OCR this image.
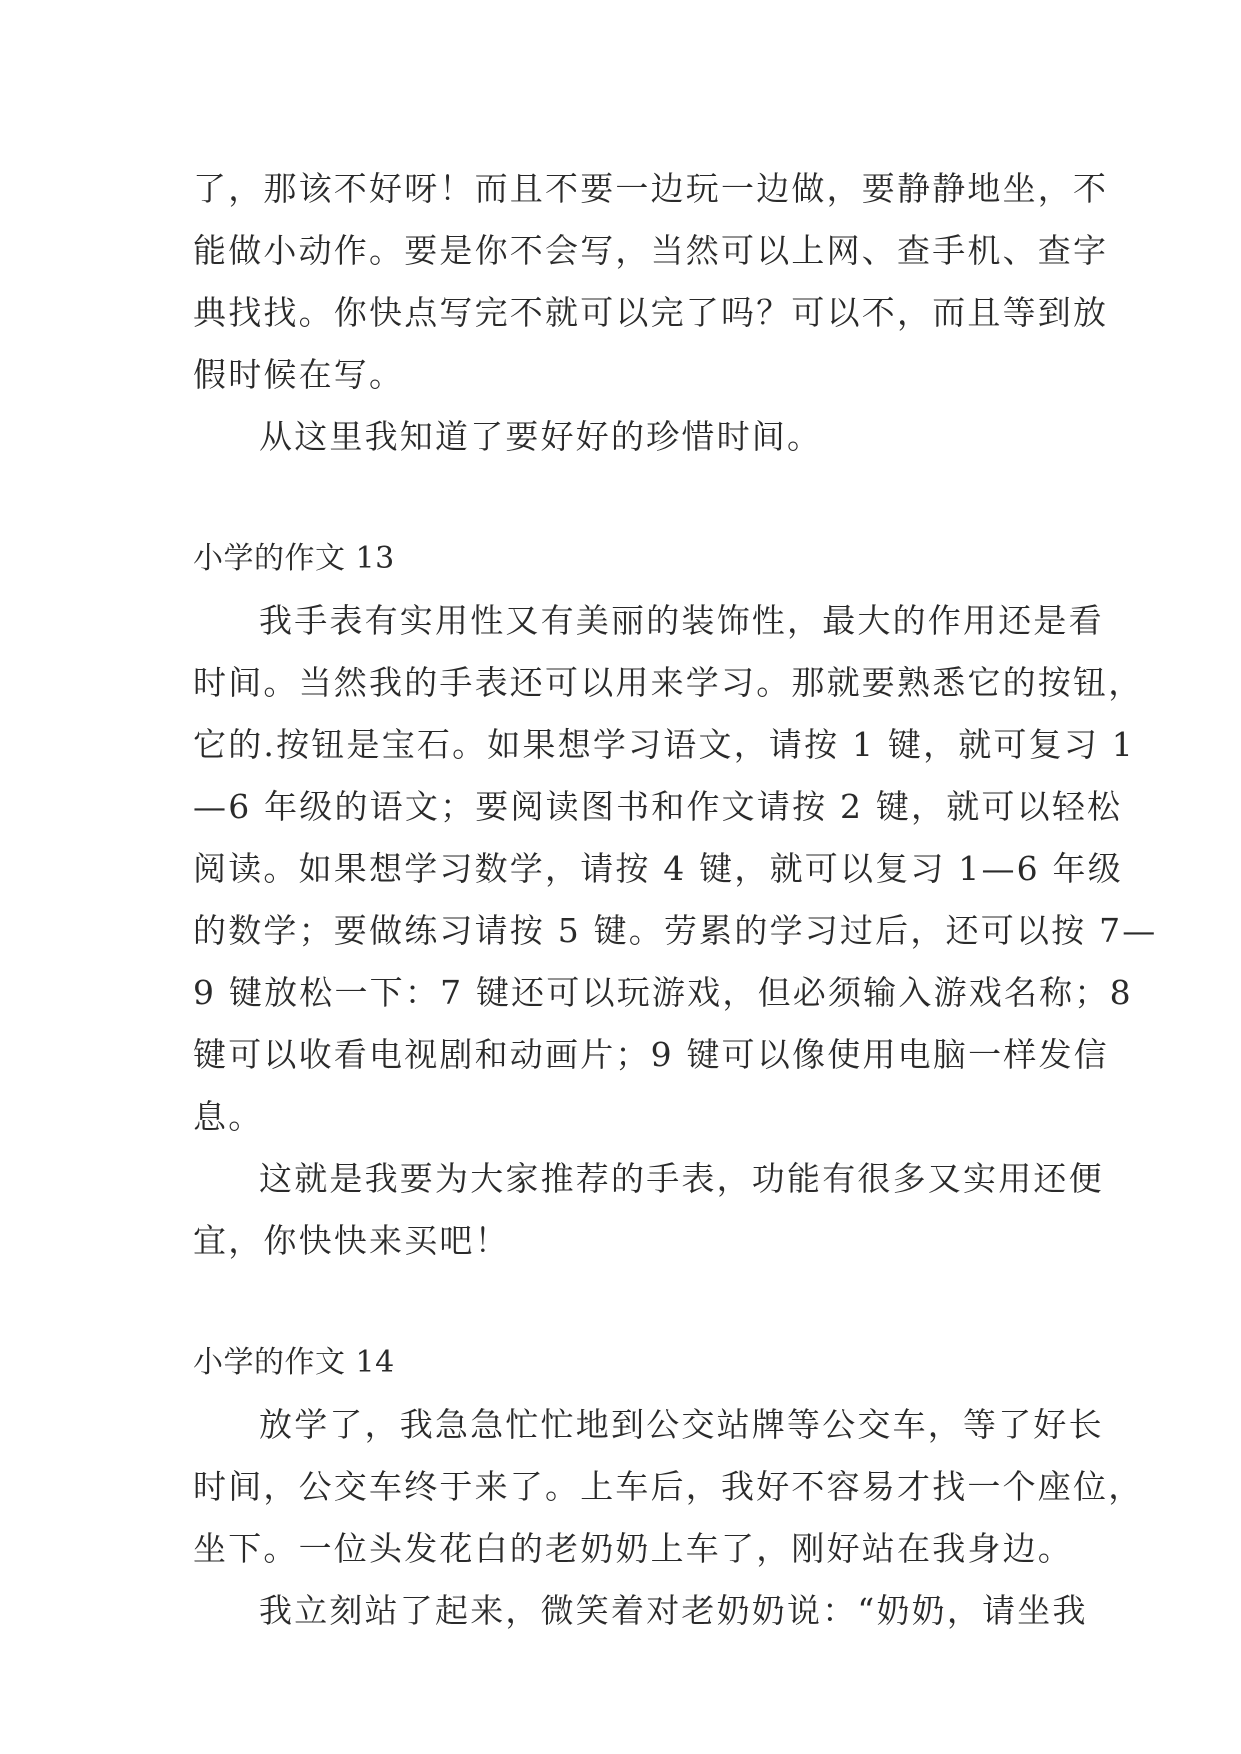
了，那该不好呀！而且不要一边玩一边做，要静静地坐，不
能做小动作。要是你不会写，当然可以上网、查手机、查字
典找找。你快点写完不就可以完了吗？可以不，而且等到放
假时候在写。
从这里我知道了要好好的珍惜时间。
小学的作文 13
我手表有实用性又有美丽的装饰性，最大的作用还是看
时间。当然我的手表还可以用来学习。那就要熟悉它的按钮，
它的.按钮是宝石。如果想学习语文，请按 1 键，就可复习 1
—6 年级的语文；要阅读图书和作文请按 2 键，就可以轻松
阅读。如果想学习数学，请按 4 键，就可以复习 1—6 年级
的数学；要做练习请按 5 键。劳累的学习过后，还可以按 7—
9 键放松一下：7 键还可以玩游戏，但必须输入游戏名称；8
键可以收看电视剧和动画片；9 键可以像使用电脑一样发信
息。
这就是我要为大家推荐的手表，功能有很多又实用还便
宜，你快快来买吧！
小学的作文 14
放学了，我急急忙忙地到公交站牌等公交车，等了好长
时间，公交车终于来了。上车后，我好不容易才找一个座位，
坐下。一位头发花白的老奶奶上车了，刚好站在我身边。
我立刻站了起来，微笑着对老奶奶说：“奶奶，请坐我
